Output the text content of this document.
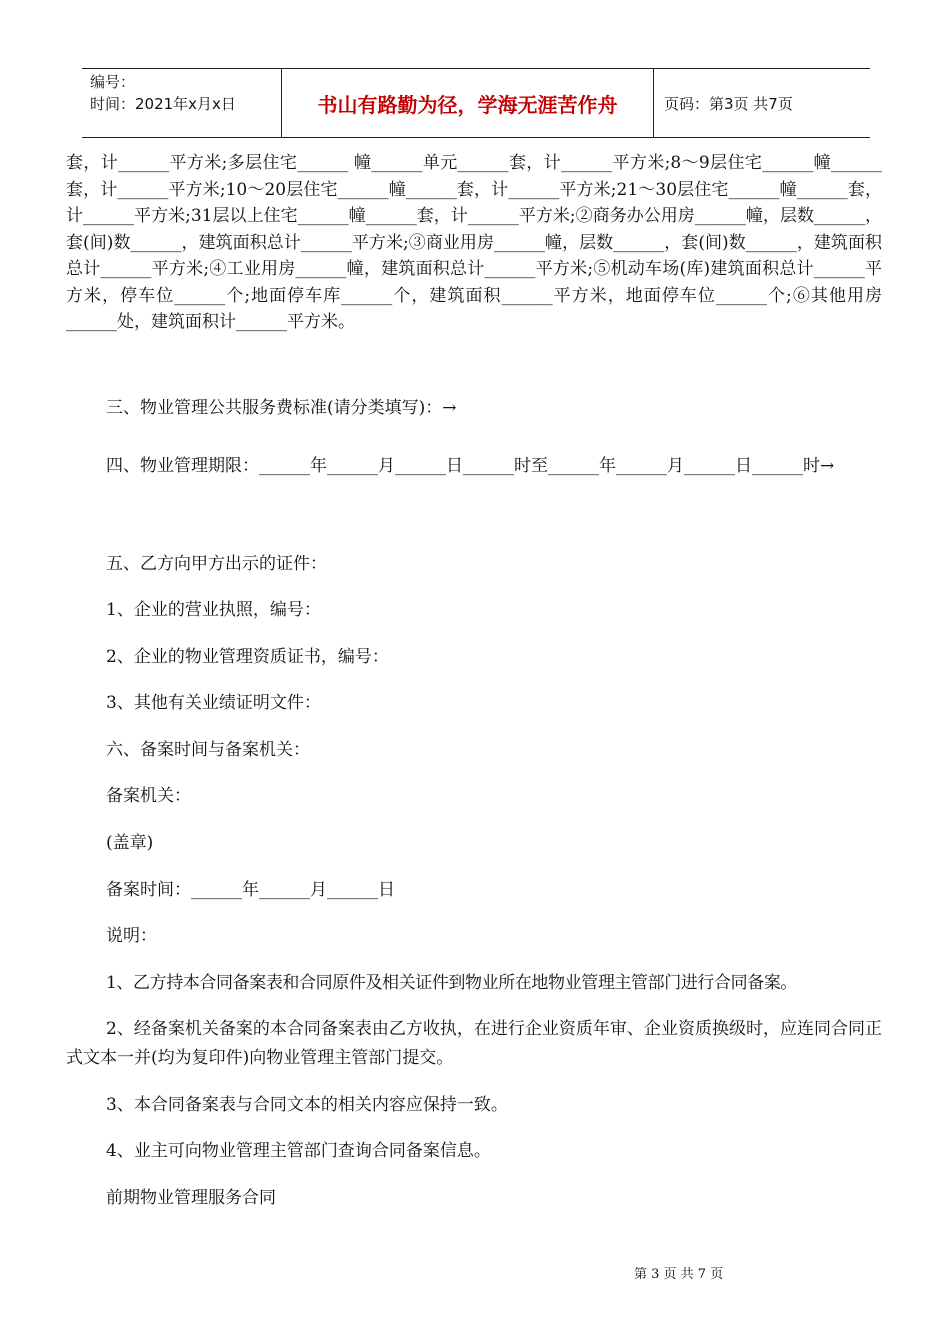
编号：
时间：2021年x月x日	书山有路勤为径，学海无涯苦作舟	页码：第3页 共7页

套，计______平方米;多层住宅______ 幢______单元______套，计______平方米;8～9层住宅______幢______套，计______平方米;10～20层住宅______幢______套，计______平方米;21～30层住宅______幢______套，计______平方米;31层以上住宅______幢______套，计______平方米;②商务办公用房______幢，层数______，套(间)数______，建筑面积总计______平方米;③商业用房______幢，层数______，套(间)数______，建筑面积总计______平方米;④工业用房______幢，建筑面积总计______平方米;⑤机动车场(库)建筑面积总计______平方米，停车位______个;地面停车库______个，建筑面积______平方米，地面停车位______个;⑥其他用房______处，建筑面积计______平方米。

三、物业管理公共服务费标准(请分类填写)：→

四、物业管理期限：______年______月______日______时至______年______月______日______时→

五、乙方向甲方出示的证件：

1、企业的营业执照，编号：

2、企业的物业管理资质证书，编号：

3、其他有关业绩证明文件：

六、备案时间与备案机关：

备案机关：

(盖章)

备案时间：______年______月______日

说明：

1、乙方持本合同备案表和合同原件及相关证件到物业所在地物业管理主管部门进行合同备案。

2、经备案机关备案的本合同备案表由乙方收执，在进行企业资质年审、企业资质换级时，应连同合同正式文本一并(均为复印件)向物业管理主管部门提交。

3、本合同备案表与合同文本的相关内容应保持一致。

4、业主可向物业管理主管部门查询合同备案信息。

前期物业管理服务合同

第 3 页 共 7 页
